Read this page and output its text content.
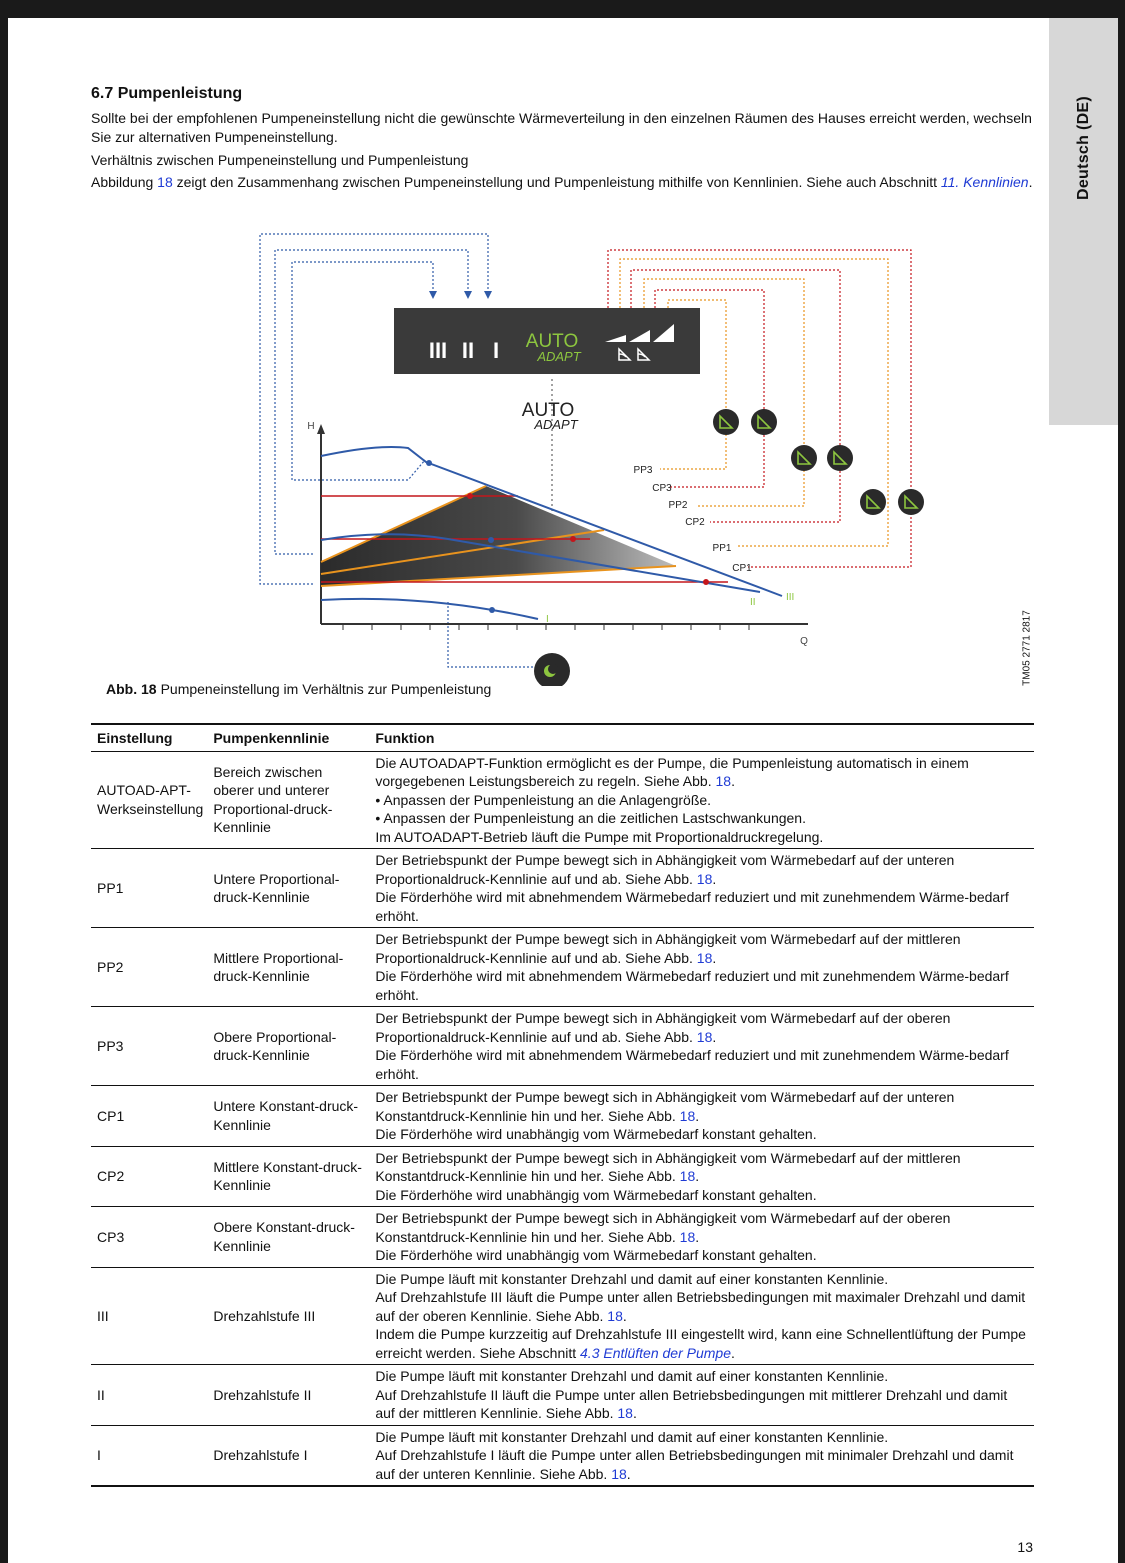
Deutsch (DE)
TM05 2771 2817
6.7 Pumpenleistung
Sollte bei der empfohlenen Pumpeneinstellung nicht die gewünschte Wärmeverteilung in den einzelnen Räumen des Hauses erreicht werden, wechseln Sie zur alternativen Pumpeneinstellung.
Verhältnis zwischen Pumpeneinstellung und Pumpenleistung
Abbildung 18 zeigt den Zusammenhang zwischen Pumpeneinstellung und Pumpenleistung mithilfe von Kennlinien. Siehe auch Abschnitt 11. Kennlinien.
III II I AUTO
ADAPT
AUTO
ADAPT
H
Q
PP3
CP3
PP2
CP2
PP1
CP1
III
II
I
Abb. 18 Pumpeneinstellung im Verhältnis zur Pumpenleistung
Einstellung	Pumpenkennlinie	Funktion
AUTOAD-APT-Werkseinstellung	Bereich zwischen oberer und unterer Proportional-druck-Kennlinie	Die AUTOADAPT-Funktion ermöglicht es der Pumpe, die Pumpenleistung automatisch in einem vorgegebenen Leistungsbereich zu regeln. Siehe Abb. 18.
• Anpassen der Pumpenleistung an die Anlagengröße.
• Anpassen der Pumpenleistung an die zeitlichen Lastschwankungen.
Im AUTOADAPT-Betrieb läuft die Pumpe mit Proportionaldruckregelung.

PP1	Untere Proportional-druck-Kennlinie	Der Betriebspunkt der Pumpe bewegt sich in Abhängigkeit vom Wärmebedarf auf der unteren Proportionaldruck-Kennlinie auf und ab. Siehe Abb. 18.
Die Förderhöhe wird mit abnehmendem Wärmebedarf reduziert und mit zunehmendem Wärme-bedarf erhöht.

PP2	Mittlere Proportional-druck-Kennlinie	Der Betriebspunkt der Pumpe bewegt sich in Abhängigkeit vom Wärmebedarf auf der mittleren Proportionaldruck-Kennlinie auf und ab. Siehe Abb. 18.
Die Förderhöhe wird mit abnehmendem Wärmebedarf reduziert und mit zunehmendem Wärme-bedarf erhöht.

PP3	Obere Proportional-druck-Kennlinie	Der Betriebspunkt der Pumpe bewegt sich in Abhängigkeit vom Wärmebedarf auf der oberen Proportionaldruck-Kennlinie auf und ab. Siehe Abb. 18.
Die Förderhöhe wird mit abnehmendem Wärmebedarf reduziert und mit zunehmendem Wärme-bedarf erhöht.

CP1	Untere Konstant-druck-Kennlinie	Der Betriebspunkt der Pumpe bewegt sich in Abhängigkeit vom Wärmebedarf auf der unteren Konstantdruck-Kennlinie hin und her. Siehe Abb. 18.
Die Förderhöhe wird unabhängig vom Wärmebedarf konstant gehalten.

CP2	Mittlere Konstant-druck-Kennlinie	Der Betriebspunkt der Pumpe bewegt sich in Abhängigkeit vom Wärmebedarf auf der mittleren Konstantdruck-Kennlinie hin und her. Siehe Abb. 18.
Die Förderhöhe wird unabhängig vom Wärmebedarf konstant gehalten.

CP3	Obere Konstant-druck-Kennlinie	Der Betriebspunkt der Pumpe bewegt sich in Abhängigkeit vom Wärmebedarf auf der oberen Konstantdruck-Kennlinie hin und her. Siehe Abb. 18.
Die Förderhöhe wird unabhängig vom Wärmebedarf konstant gehalten.

III	Drehzahlstufe III	Die Pumpe läuft mit konstanter Drehzahl und damit auf einer konstanten Kennlinie.
Auf Drehzahlstufe III läuft die Pumpe unter allen Betriebsbedingungen mit maximaler Drehzahl und damit auf der oberen Kennlinie. Siehe Abb. 18.
Indem die Pumpe kurzzeitig auf Drehzahlstufe III eingestellt wird, kann eine Schnellentlüftung der Pumpe erreicht werden. Siehe Abschnitt 4.3 Entlüften der Pumpe.

II	Drehzahlstufe II	Die Pumpe läuft mit konstanter Drehzahl und damit auf einer konstanten Kennlinie.
Auf Drehzahlstufe II läuft die Pumpe unter allen Betriebsbedingungen mit mittlerer Drehzahl und damit auf der mittleren Kennlinie. Siehe Abb. 18.

I	Drehzahlstufe I	Die Pumpe läuft mit konstanter Drehzahl und damit auf einer konstanten Kennlinie.
Auf Drehzahlstufe I läuft die Pumpe unter allen Betriebsbedingungen mit minimaler Drehzahl und damit auf der unteren Kennlinie. Siehe Abb. 18.
13
